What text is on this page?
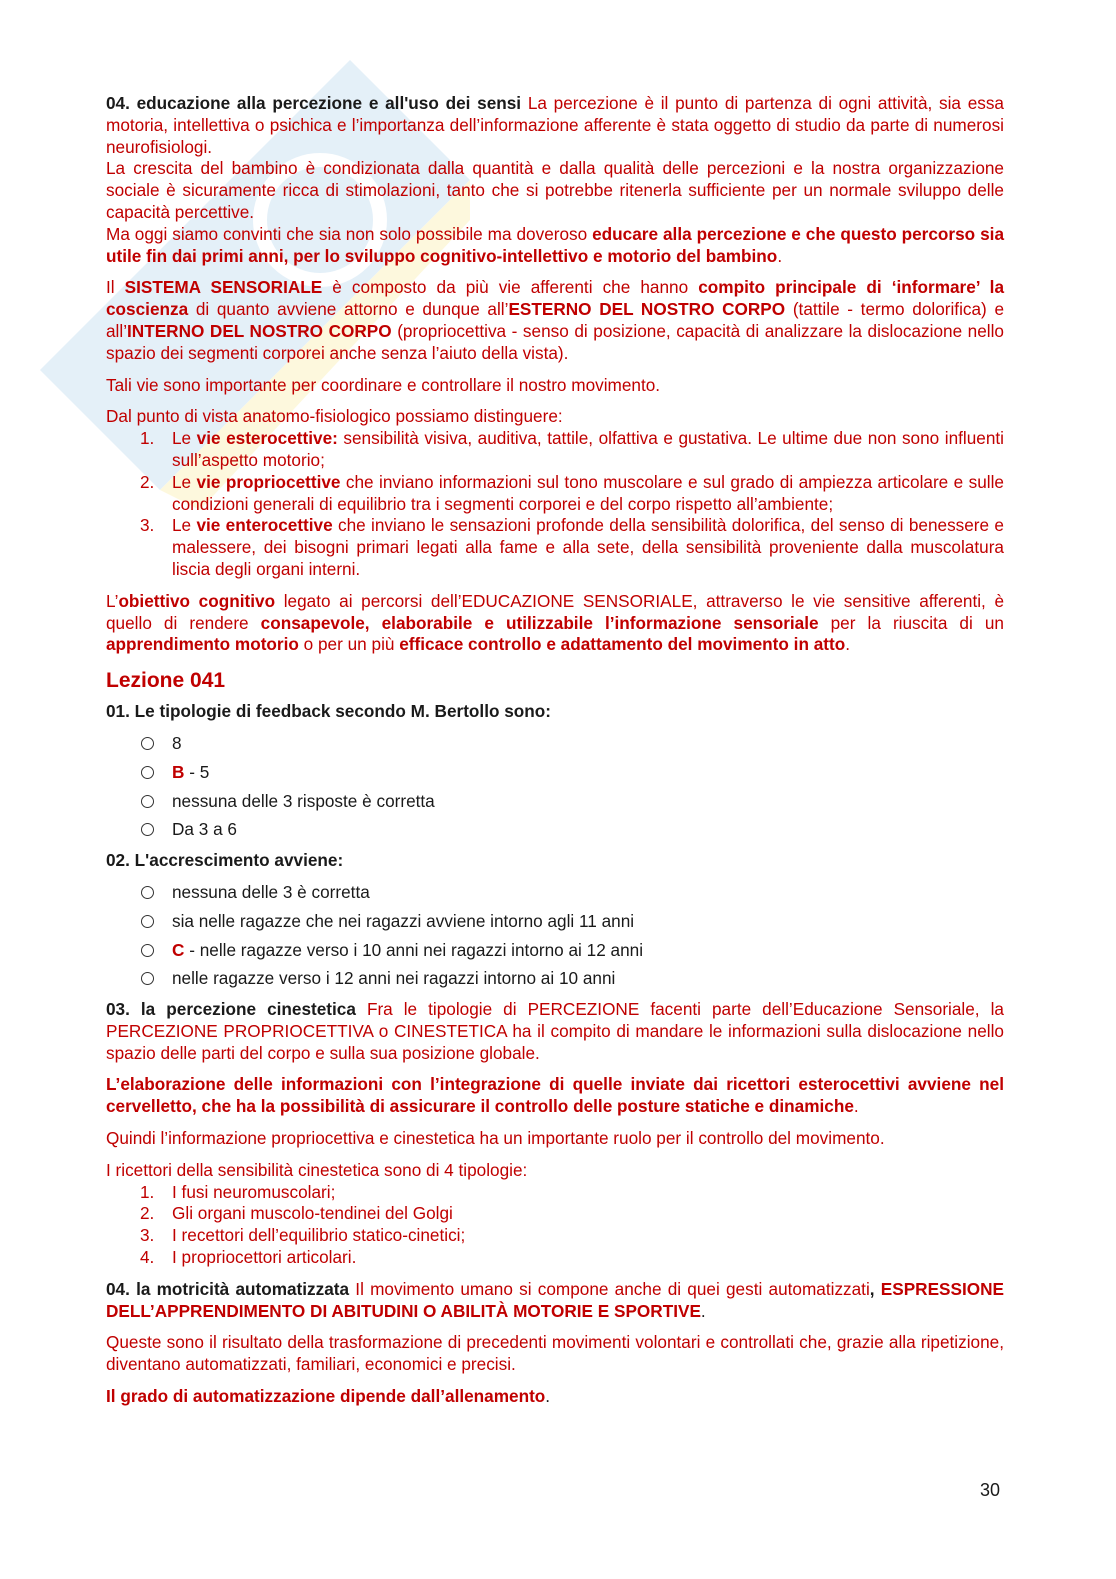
04. educazione alla percezione e all'uso dei sensi La percezione è il punto di partenza di ogni attività, sia essa motoria, intellettiva o psichica e l’importanza dell’informazione afferente è stata oggetto di studio da parte di numerosi neurofisiologi.

La crescita del bambino è condizionata dalla quantità e dalla qualità delle percezioni e la nostra organizzazione sociale è sicuramente ricca di stimolazioni, tanto che si potrebbe ritenerla sufficiente per un normale sviluppo delle capacità percettive.

Ma oggi siamo convinti che sia non solo possibile ma doveroso educare alla percezione e che questo percorso sia utile fin dai primi anni, per lo sviluppo cognitivo-intellettivo e motorio del bambino.

Il SISTEMA SENSORIALE è composto da più vie afferenti che hanno compito principale di ‘informare’ la coscienza di quanto avviene attorno e dunque all’ESTERNO DEL NOSTRO CORPO (tattile - termo dolorifica) e all’INTERNO DEL NOSTRO CORPO (propriocettiva - senso di posizione, capacità di analizzare la dislocazione nello spazio dei segmenti corporei anche senza l’aiuto della vista).

Tali vie sono importante per coordinare e controllare il nostro movimento.

Dal punto di vista anatomo-fisiologico possiamo distinguere:

1. Le vie esterocettive: sensibilità visiva, auditiva, tattile, olfattiva e gustativa. Le ultime due non sono influenti sull’aspetto motorio;
2. Le vie propriocettive che inviano informazioni sul tono muscolare e sul grado di ampiezza articolare e sulle condizioni generali di equilibrio tra i segmenti corporei e del corpo rispetto all’ambiente;
3. Le vie enterocettive che inviano le sensazioni profonde della sensibilità dolorifica, del senso di benessere e malessere, dei bisogni primari legati alla fame e alla sete, della sensibilità proveniente dalla muscolatura liscia degli organi interni.

L’obiettivo cognitivo legato ai percorsi dell’EDUCAZIONE SENSORIALE, attraverso le vie sensitive afferenti, è quello di rendere consapevole, elaborabile e utilizzabile l’informazione sensoriale per la riuscita di un apprendimento motorio o per un più efficace controllo e adattamento del movimento in atto.

Lezione 041

01. Le tipologie di feedback secondo M. Bertollo sono:

8
B - 5
nessuna delle 3 risposte è corretta
Da 3 a 6

02. L'accrescimento avviene:

nessuna delle 3 è corretta
sia nelle ragazze che nei ragazzi avviene intorno agli 11 anni
C - nelle ragazze verso i 10 anni nei ragazzi intorno ai 12 anni
nelle ragazze verso i 12 anni nei ragazzi intorno ai 10 anni

03. la percezione cinestetica Fra le tipologie di PERCEZIONE facenti parte dell’Educazione Sensoriale, la PERCEZIONE PROPRIOCETTIVA o CINESTETICA ha il compito di mandare le informazioni sulla dislocazione nello spazio delle parti del corpo e sulla sua posizione globale.

L’elaborazione delle informazioni con l’integrazione di quelle inviate dai ricettori esterocettivi avviene nel cervelletto, che ha la possibilità di assicurare il controllo delle posture statiche e dinamiche.

Quindi l’informazione propriocettiva e cinestetica ha un importante ruolo per il controllo del movimento.

I ricettori della sensibilità cinestetica sono di 4 tipologie:

1. I fusi neuromuscolari;
2. Gli organi muscolo-tendinei del Golgi
3. I recettori dell’equilibrio statico-cinetici;
4. I propriocettori articolari.

04. la motricità automatizzata Il movimento umano si compone anche di quei gesti automatizzati, ESPRESSIONE DELL’APPRENDIMENTO DI ABITUDINI O ABILITÀ MOTORIE E SPORTIVE.

Queste sono il risultato della trasformazione di precedenti movimenti volontari e controllati che, grazie alla ripetizione, diventano automatizzati, familiari, economici e precisi.

Il grado di automatizzazione dipende dall’allenamento.

30
